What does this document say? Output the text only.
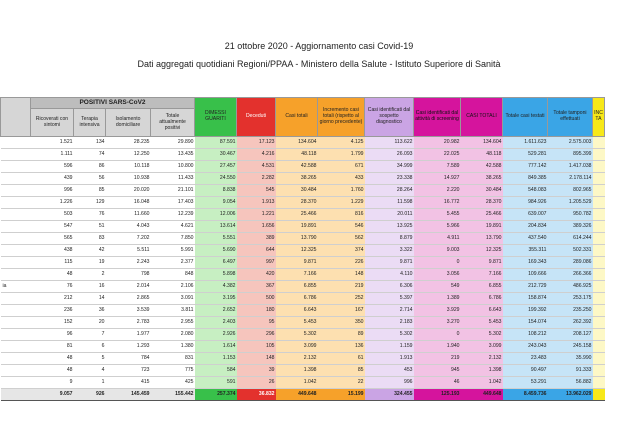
21 ottobre 2020 - Aggiornamento casi Covid-19
Dati aggregati quotidiani Regioni/PPAA - Ministero della Salute - Istituto Superiore di Sanità
	POSITIVI SARS-CoV2				DIMESSI GUARITI	Deceduti	Casi totali	Incremento casi totali (rispetto al giorno precedente)	Casi identificati dal sospetto diagnostico	Casi identificati dal attività di screening	CASI TOTALI	Totale casi testati	Totale tamponi effettuati	INC TA
	Ricoverati con sintomi	Terapia intensiva	Isolamento domiciliare	Totale attualmente positivi										
	1.521	134	28.235	29.890	87.591	17.123	134.604	4.125	113.622	20.982	134.604	1.611.623	2.575.003	
	1.111	74	12.250	13.435	30.467	4.216	48.118	1.799	26.093	22.025	48.118	529.281	895.399	
	596	86	10.118	10.800	27.457	4.531	42.588	671	34.999	7.589	42.588	777.142	1.417.038	
	439	56	10.938	11.433	24.550	2.282	38.265	433	23.338	14.927	38.265	849.385	2.178.114	
	996	85	20.020	21.101	8.838	545	30.484	1.760	28.264	2.220	30.484	548.083	802.965	
	1.226	129	16.048	17.403	9.054	1.913	28.370	1.229	11.598	16.772	28.370	984.926	1.205.529	
	503	76	11.660	12.239	12.006	1.221	25.466	816	20.011	5.455	25.466	639.007	950.782	
	547	51	4.043	4.621	13.614	1.656	19.891	546	13.925	5.966	19.891	204.834	389.326	
	565	83	7.202	7.850	5.551	389	13.790	562	8.879	4.911	13.790	437.540	614.244	
	438	42	5.511	5.991	5.690	644	12.325	374	3.322	9.003	12.325	355.311	502.331	
	115	19	2.243	2.377	6.497	997	9.871	226	9.871	0	9.871	169.343	289.086	
	48	2	798	848	5.898	420	7.166	148	4.110	3.056	7.166	109.666	266.366	
ia	76	16	2.014	2.106	4.382	367	6.855	219	6.306	549	6.855	212.729	486.925	
	212	14	2.865	3.091	3.195	500	6.786	252	5.397	1.389	6.786	158.874	253.175	
	236	36	3.539	3.811	2.652	180	6.643	167	2.714	3.929	6.643	199.392	235.250	
	152	20	2.783	2.955	2.403	95	5.453	350	2.183	3.270	5.453	154.074	262.392	
	96	7	1.977	2.080	2.926	296	5.302	89	5.302	0	5.302	108.212	208.127	
	81	6	1.293	1.380	1.614	105	3.099	136	1.159	1.940	3.099	243.043	245.158	
	48	5	784	831	1.153	148	2.132	61	1.913	219	2.132	23.483	35.990	
	48	4	723	775	584	39	1.398	85	453	945	1.398	90.497	91.333	
	9	1	415	425	591	26	1.042	22	996	46	1.042	53.291	56.882	
	9.057	926	145.459	155.442	257.374	36.832	449.648	15.199	324.455	125.193	449.648	8.459.736	13.962.029	
